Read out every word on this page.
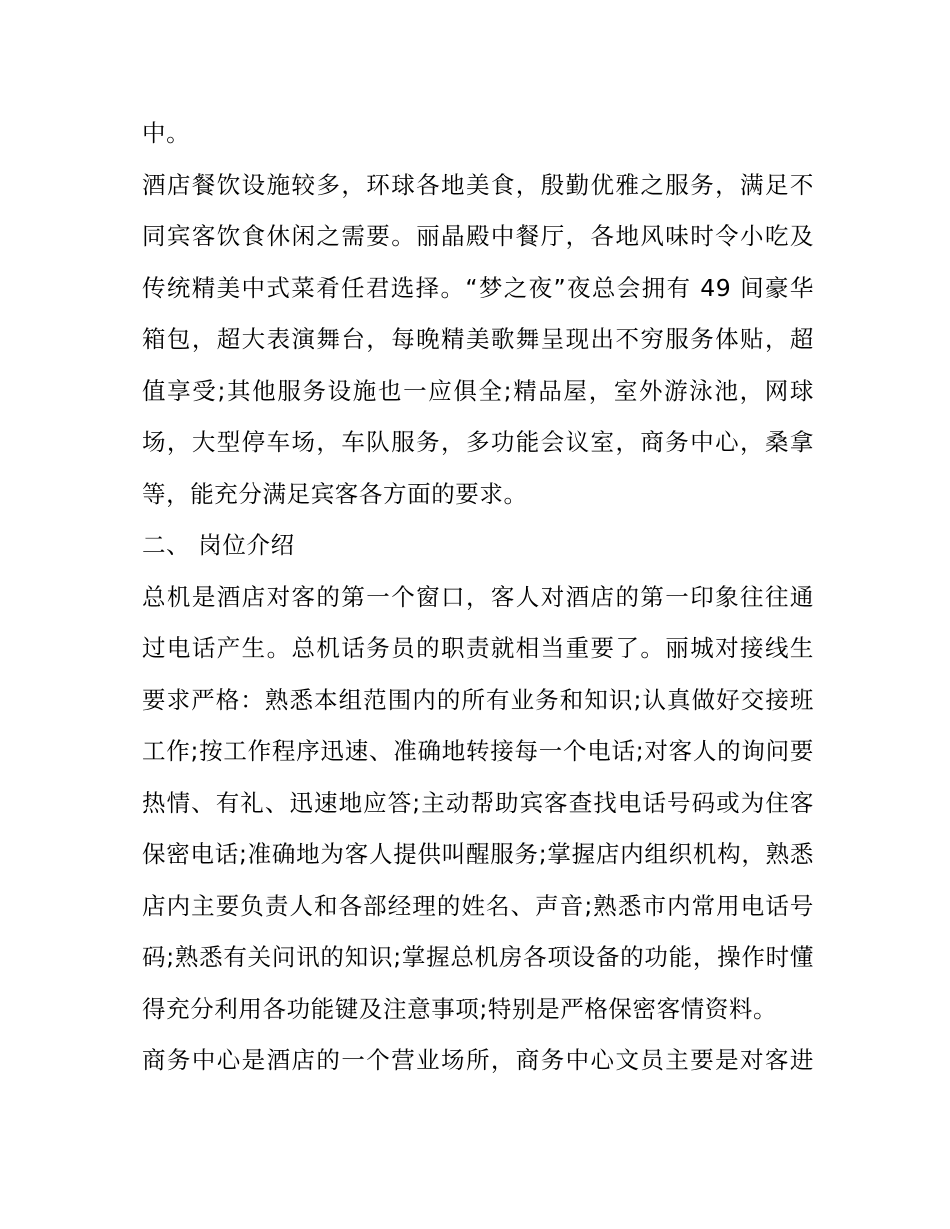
中。

酒店餐饮设施较多，环球各地美食，殷勤优雅之服务，满足不同宾客饮食休闲之需要。丽晶殿中餐厅，各地风味时令小吃及传统精美中式菜肴任君选择。“梦之夜”夜总会拥有 49 间豪华箱包，超大表演舞台，每晚精美歌舞呈现出不穷服务体贴，超值享受;其他服务设施也一应俱全;精品屋，室外游泳池，网球场，大型停车场，车队服务，多功能会议室，商务中心，桑拿等，能充分满足宾客各方面的要求。

二、 岗位介绍

总机是酒店对客的第一个窗口，客人对酒店的第一印象往往通过电话产生。总机话务员的职责就相当重要了。丽城对接线生要求严格：熟悉本组范围内的所有业务和知识;认真做好交接班工作;按工作程序迅速、准确地转接每一个电话;对客人的询问要热情、有礼、迅速地应答;主动帮助宾客查找电话号码或为住客保密电话;准确地为客人提供叫醒服务;掌握店内组织机构，熟悉店内主要负责人和各部经理的姓名、声音;熟悉市内常用电话号码;熟悉有关问讯的知识;掌握总机房各项设备的功能，操作时懂得充分利用各功能键及注意事项;特别是严格保密客情资料。

商务中心是酒店的一个营业场所，商务中心文员主要是对客进
